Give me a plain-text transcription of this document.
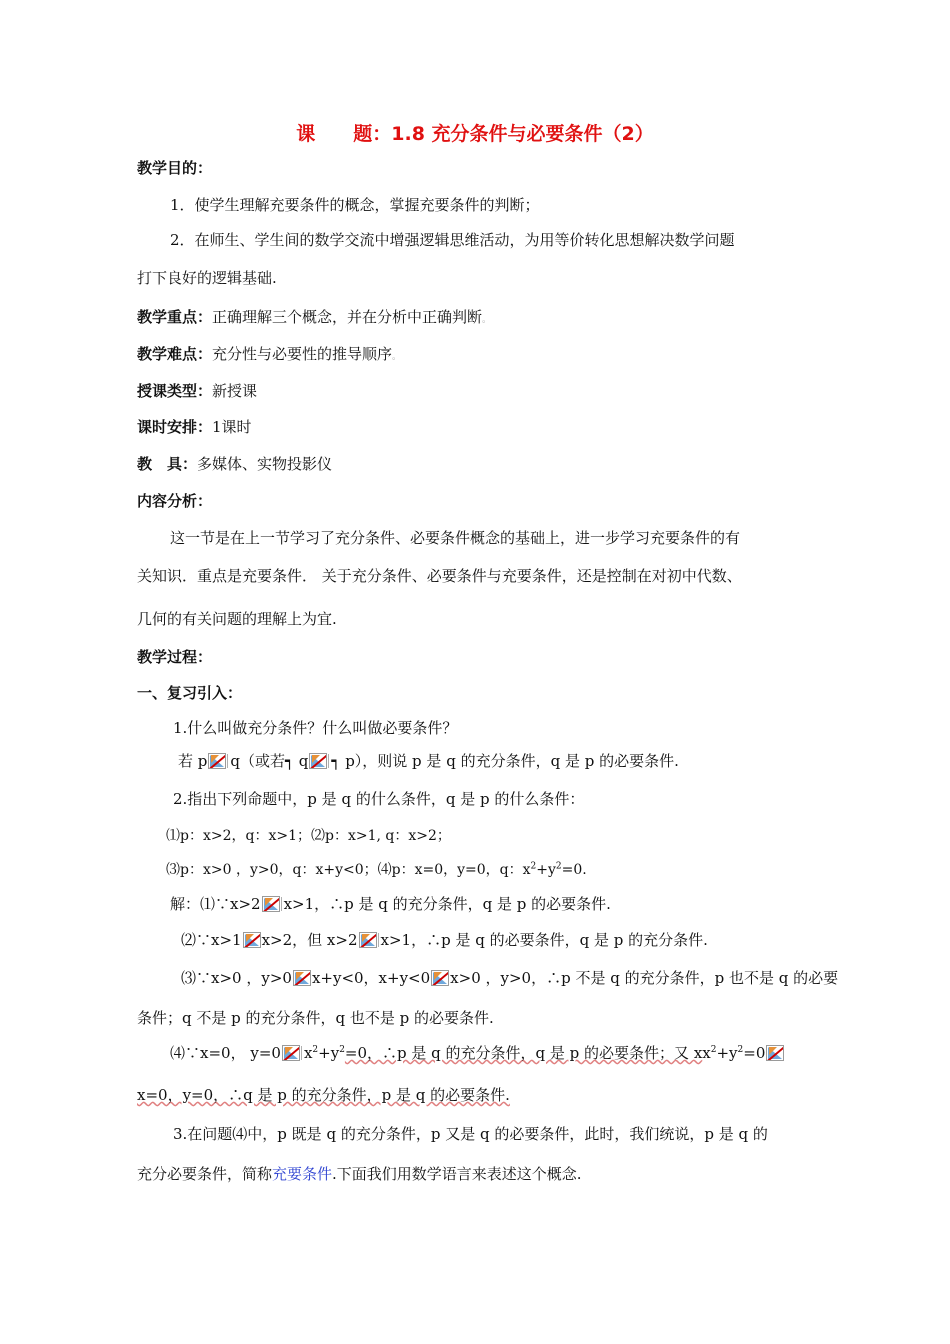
课　　题：1.8 充分条件与必要条件（2）
教学目的：
1．使学生理解充要条件的概念，掌握充要条件的判断；
2．在师生、学生间的数学交流中增强逻辑思维活动，为用等价转化思想解决数学问题
打下良好的逻辑基础.
教学重点：正确理解三个概念，并在分析中正确判断。
教学难点：充分性与必要性的推导顺序。
授课类型：新授课
课时安排：1课时
教　具：多媒体、实物投影仪
内容分析：
这一节是在上一节学习了充分条件、必要条件概念的基础上，进一步学习充要条件的有
关知识．重点是充要条件． 关于充分条件、必要条件与充要条件，还是控制在对初中代数、
几何的有关问题的理解上为宜.
教学过程：
一、复习引入：
1.什么叫做充分条件？什么叫做必要条件？
若 p q（或若┑ q ┑ p），则说 p 是 q 的充分条件，q 是 p 的必要条件.
2.指出下列命题中，p 是 q 的什么条件，q 是 p 的什么条件：
⑴p：x>2，q：x>1；⑵p：x>1, q：x>2；
⑶p：x>0 ，y>0，q：x+y<0；⑷p：x=0，y=0，q：$x^2+y^2=0$.
解：⑴∵x>2 x>1，∴p 是 q 的充分条件，q 是 p 的必要条件.
⑵∵x>1 x>2，但 x>2 x>1，∴p 是 q 的必要条件，q 是 p 的充分条件.
⑶∵x>0 ，y>0 x+y<0，x+y<0 x>0 ，y>0，∴p 不是 q 的充分条件，p 也不是 q 的必要
条件；q 不是 p 的充分条件，q 也不是 p 的必要条件.
⑷∵x=0， y=0 $x^2+y^2=0$，∴p 是 q 的充分条件，q 是 p 的必要条件；又 $xx^2+y^2=0$
x=0，y=0，∴q 是 p 的充分条件，p 是 q 的必要条件.
3.在问题⑷中，p 既是 q 的充分条件，p 又是 q 的必要条件，此时，我们统说，p 是 q 的
充分必要条件，简称充要条件.下面我们用数学语言来表述这个概念.
